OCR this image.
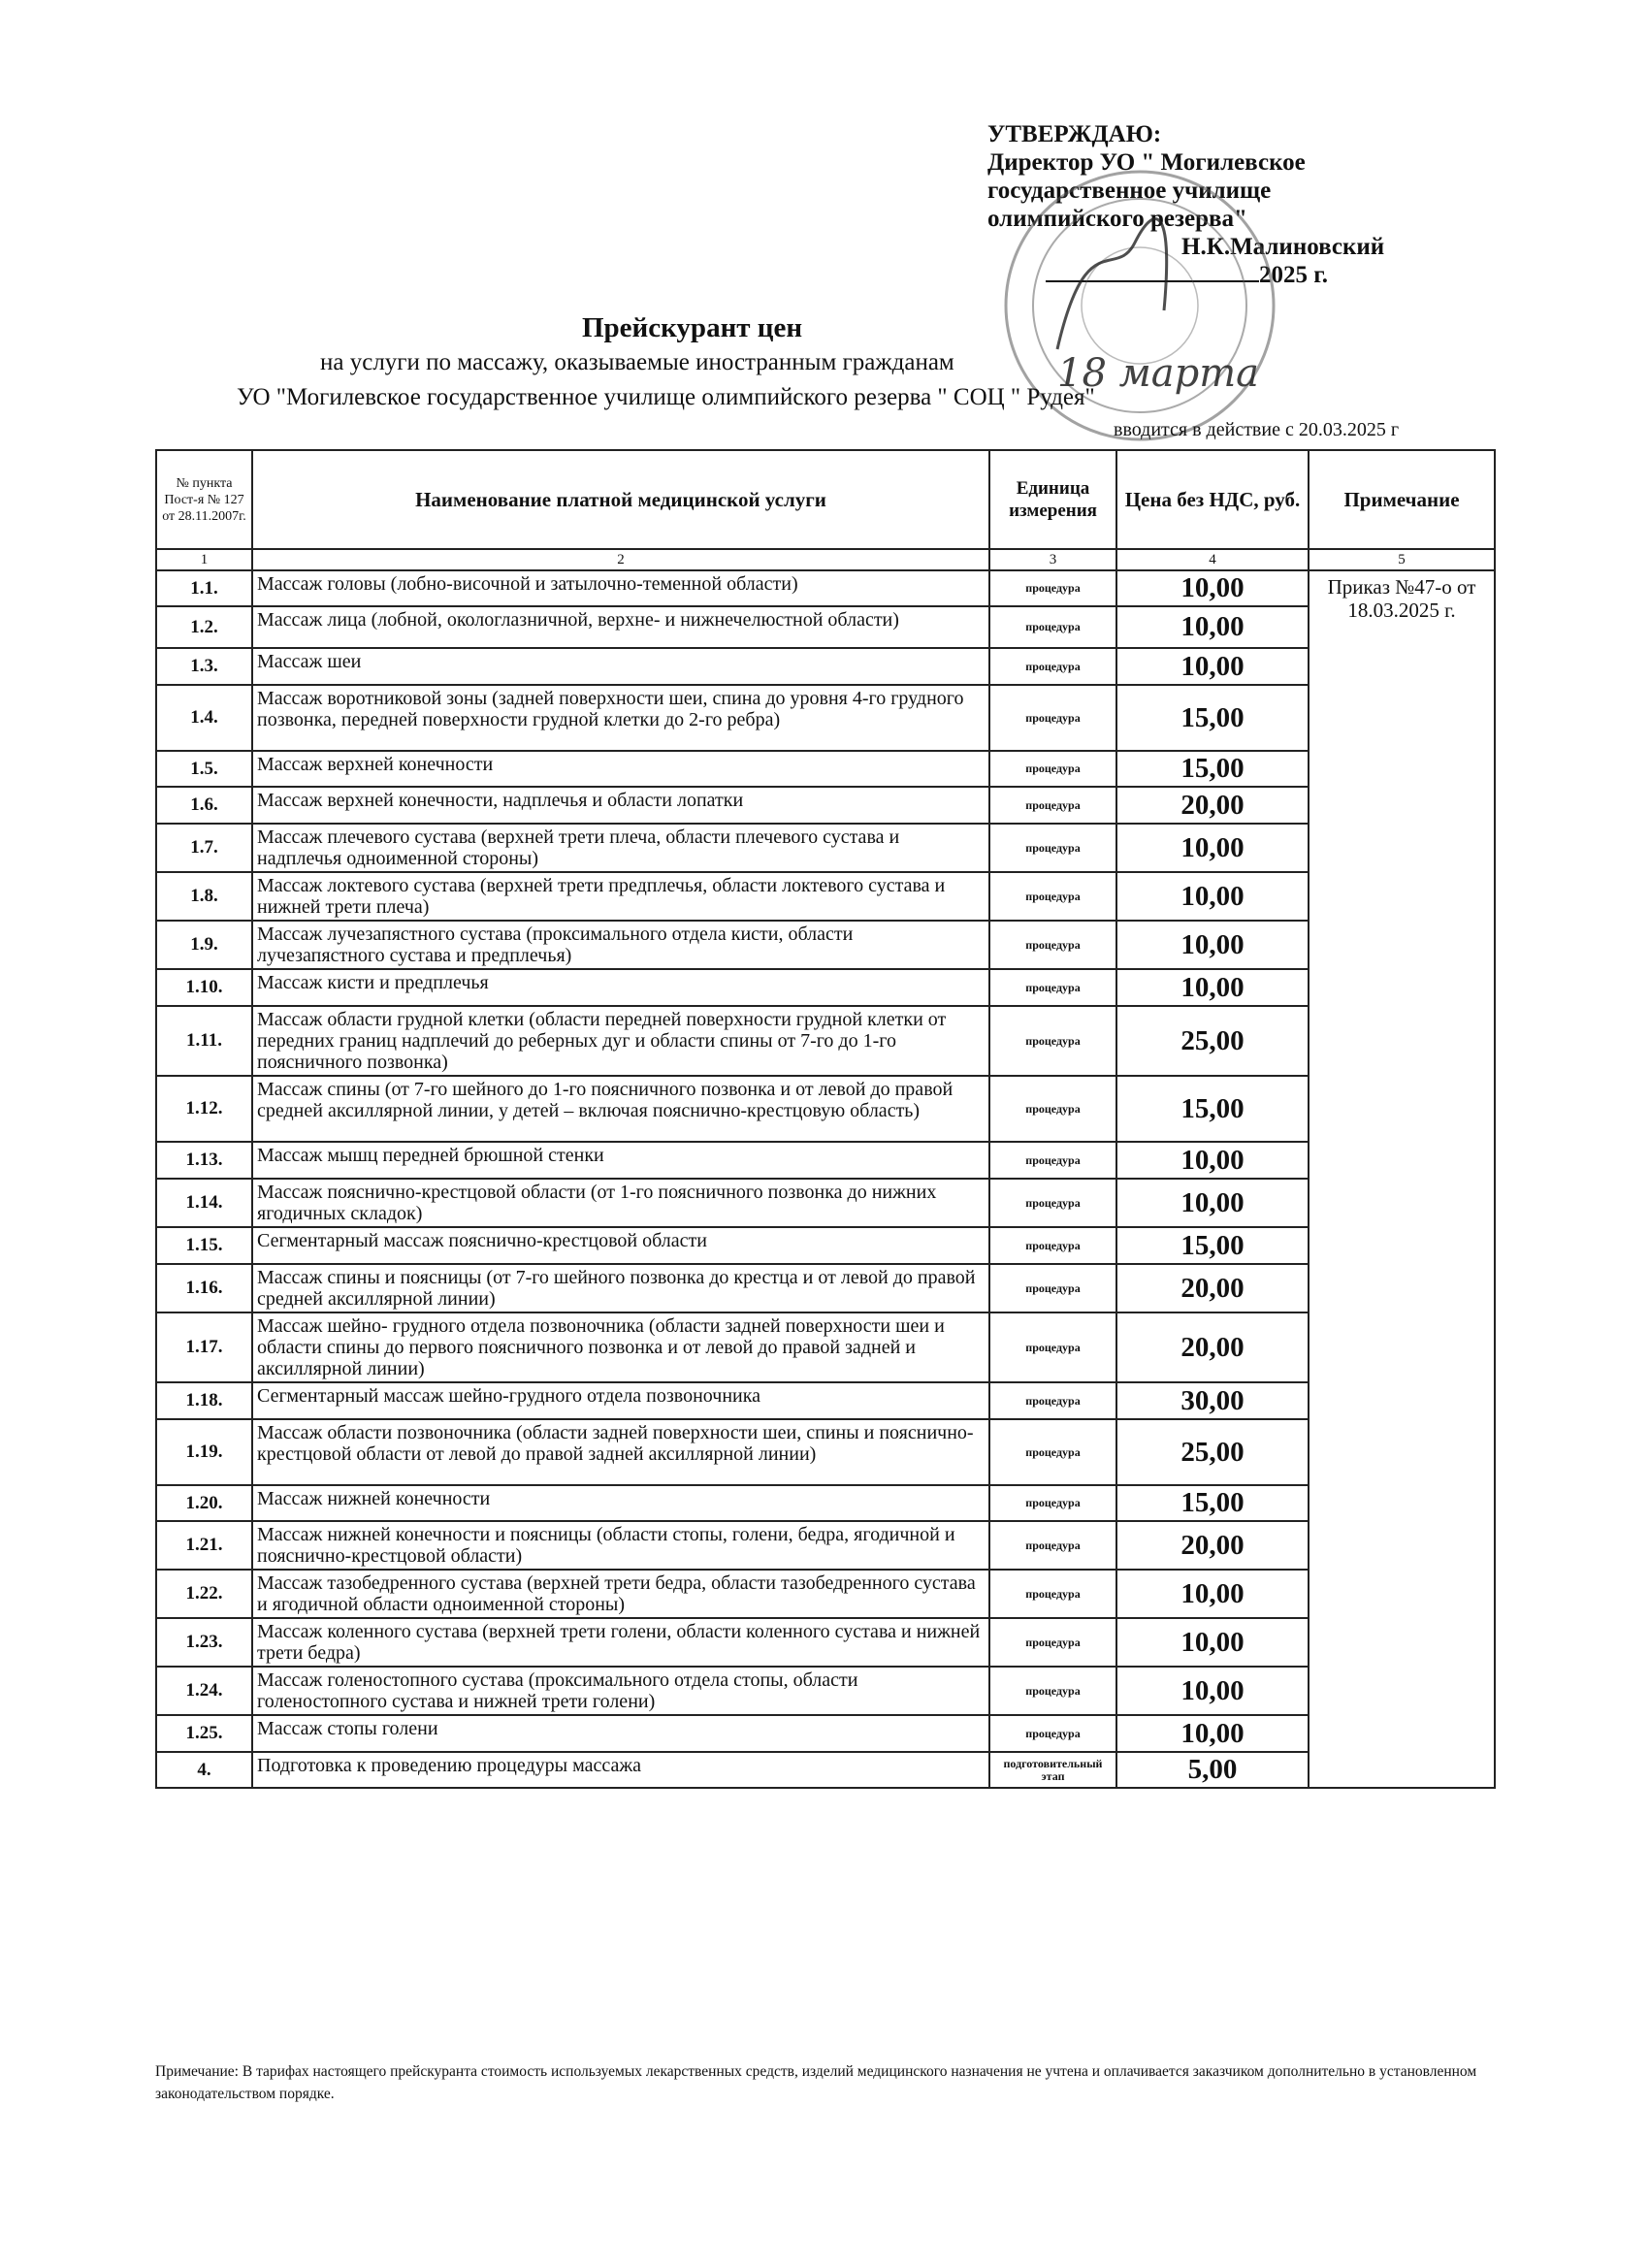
УТВЕРЖДАЮ:
Директор УО " Могилевское
государственное училище
олимпийского резерва"
Н.К.Малиновский
2025 г.
18 марта
Прейскурант цен
на услуги по массажу, оказываемые иностранным гражданам
УО "Могилевское государственное училище олимпийского резерва " СОЦ " Рудея"
вводится в действие с 20.03.2025 г
№ пункта Пост-я № 127 от 28.11.2007г.	Наименование платной медицинской услуги	Единица измерения	Цена без НДС, руб.	Примечание
1	2	3	4	5
1.1.	Массаж головы (лобно-височной и затылочно-теменной области)	процедура	10,00	Приказ №47-о от 18.03.2025 г.
1.2.	Массаж лица (лобной, окологлазничной, верхне- и нижнечелюстной области)	процедура	10,00	
1.3.	Массаж шеи	процедура	10,00	
1.4.	Массаж воротниковой зоны (задней поверхности шеи, спина до уровня 4-го грудного позвонка, передней поверхности грудной клетки до 2-го ребра)	процедура	15,00	
1.5.	Массаж верхней конечности	процедура	15,00	
1.6.	Массаж верхней конечности, надплечья и области лопатки	процедура	20,00	
1.7.	Массаж плечевого сустава (верхней трети плеча, области плечевого сустава и надплечья одноименной стороны)	процедура	10,00	
1.8.	Массаж локтевого сустава (верхней трети предплечья, области локтевого сустава и нижней трети плеча)	процедура	10,00	
1.9.	Массаж лучезапястного сустава (проксимального отдела кисти, области лучезапястного сустава и предплечья)	процедура	10,00	
1.10.	Массаж кисти и предплечья	процедура	10,00	
1.11.	Массаж области грудной клетки (области передней поверхности грудной клетки от передних границ надплечий до реберных дуг и области спины от 7-го до 1-го поясничного позвонка)	процедура	25,00	
1.12.	Массаж спины (от 7-го шейного до 1-го поясничного позвонка и от левой до правой средней аксиллярной линии, у детей – включая пояснично-крестцовую область)	процедура	15,00	
1.13.	Массаж мышц передней брюшной стенки	процедура	10,00	
1.14.	Массаж пояснично-крестцовой области (от 1-го поясничного позвонка до нижних ягодичных складок)	процедура	10,00	
1.15.	Сегментарный массаж пояснично-крестцовой области	процедура	15,00	
1.16.	Массаж спины и поясницы (от 7-го шейного позвонка до крестца и от левой до правой средней аксиллярной линии)	процедура	20,00	
1.17.	Массаж шейно- грудного отдела позвоночника (области задней поверхности шеи и области спины до первого поясничного позвонка и от левой до правой задней и аксиллярной линии)	процедура	20,00	
1.18.	Сегментарный массаж шейно-грудного отдела позвоночника	процедура	30,00	
1.19.	Массаж области позвоночника (области задней поверхности шеи, спины и пояснично-крестцовой области от левой до правой задней аксиллярной линии)	процедура	25,00	
1.20.	Массаж нижней конечности	процедура	15,00	
1.21.	Массаж нижней конечности и поясницы (области стопы, голени, бедра, ягодичной и пояснично-крестцовой области)	процедура	20,00	
1.22.	Массаж тазобедренного сустава (верхней трети бедра, области тазобедренного сустава и ягодичной области одноименной стороны)	процедура	10,00	
1.23.	Массаж коленного сустава (верхней трети голени, области коленного сустава и нижней трети бедра)	процедура	10,00	
1.24.	Массаж голеностопного сустава (проксимального отдела стопы, области голеностопного сустава и нижней трети голени)	процедура	10,00	
1.25.	Массаж стопы голени	процедура	10,00	
4.	Подготовка к проведению процедуры массажа	подготовительный этап	5,00	
Примечание: В тарифах настоящего прейскуранта стоимость используемых лекарственных средств, изделий медицинского назначения не учтена и оплачивается заказчиком дополнительно в установленном законодательством порядке.
